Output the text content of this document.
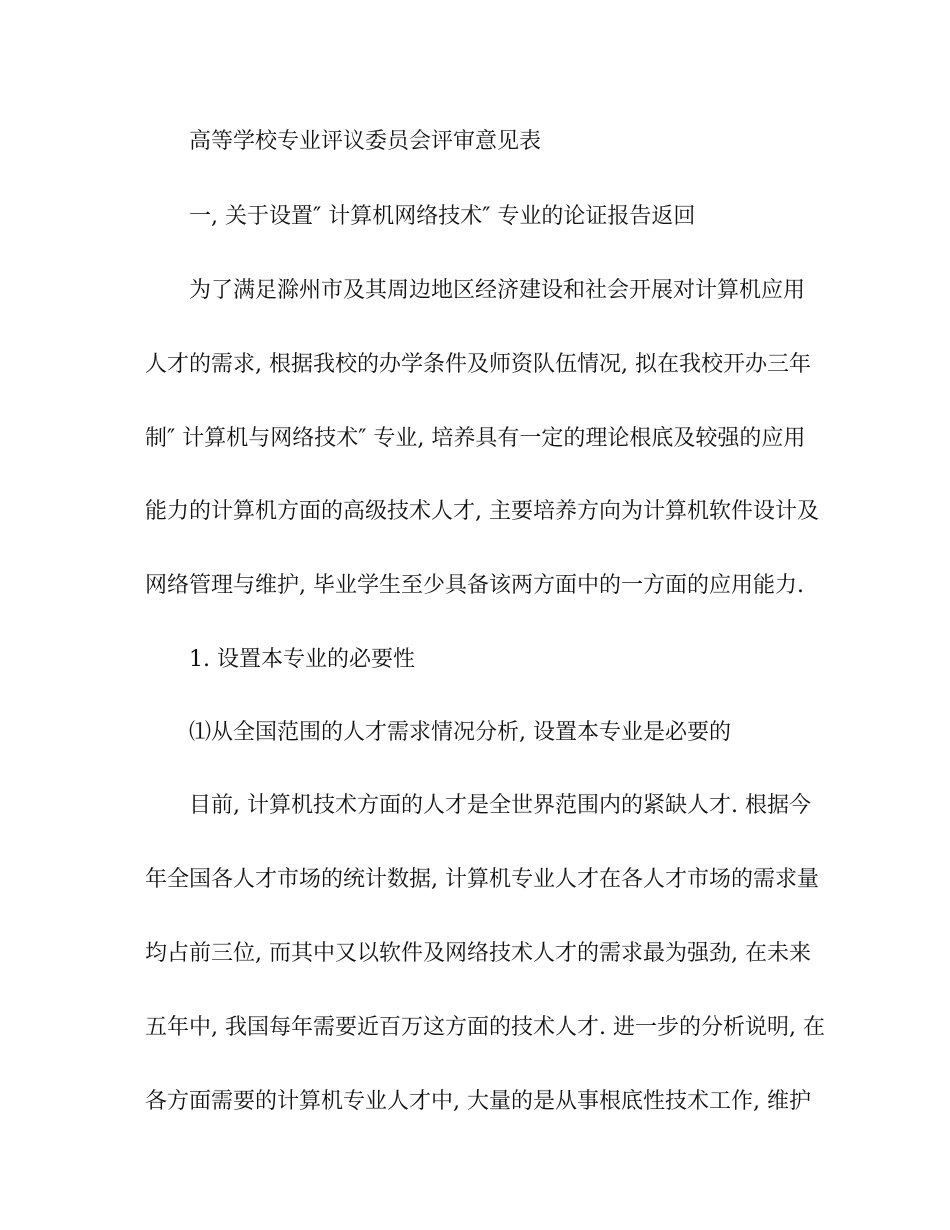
高等学校专业评议委员会评审意见表
一, 关于设置″ 计算机网络技术″ 专业的论证报告返回
为了满足滁州市及其周边地区经济建设和社会开展对计算机应用
人才的需求, 根据我校的办学条件及师资队伍情况, 拟在我校开办三年
制″ 计算机与网络技术″ 专业, 培养具有一定的理论根底及较强的应用
能力的计算机方面的高级技术人才, 主要培养方向为计算机软件设计及
网络管理与维护, 毕业学生至少具备该两方面中的一方面的应用能力.
1. 设置本专业的必要性
⑴从全国范围的人才需求情况分析, 设置本专业是必要的
目前, 计算机技术方面的人才是全世界范围内的紧缺人才. 根据今
年全国各人才市场的统计数据, 计算机专业人才在各人才市场的需求量
均占前三位, 而其中又以软件及网络技术人才的需求最为强劲, 在未来
五年中, 我国每年需要近百万这方面的技术人才. 进一步的分析说明, 在
各方面需要的计算机专业人才中, 大量的是从事根底性技术工作, 维护
